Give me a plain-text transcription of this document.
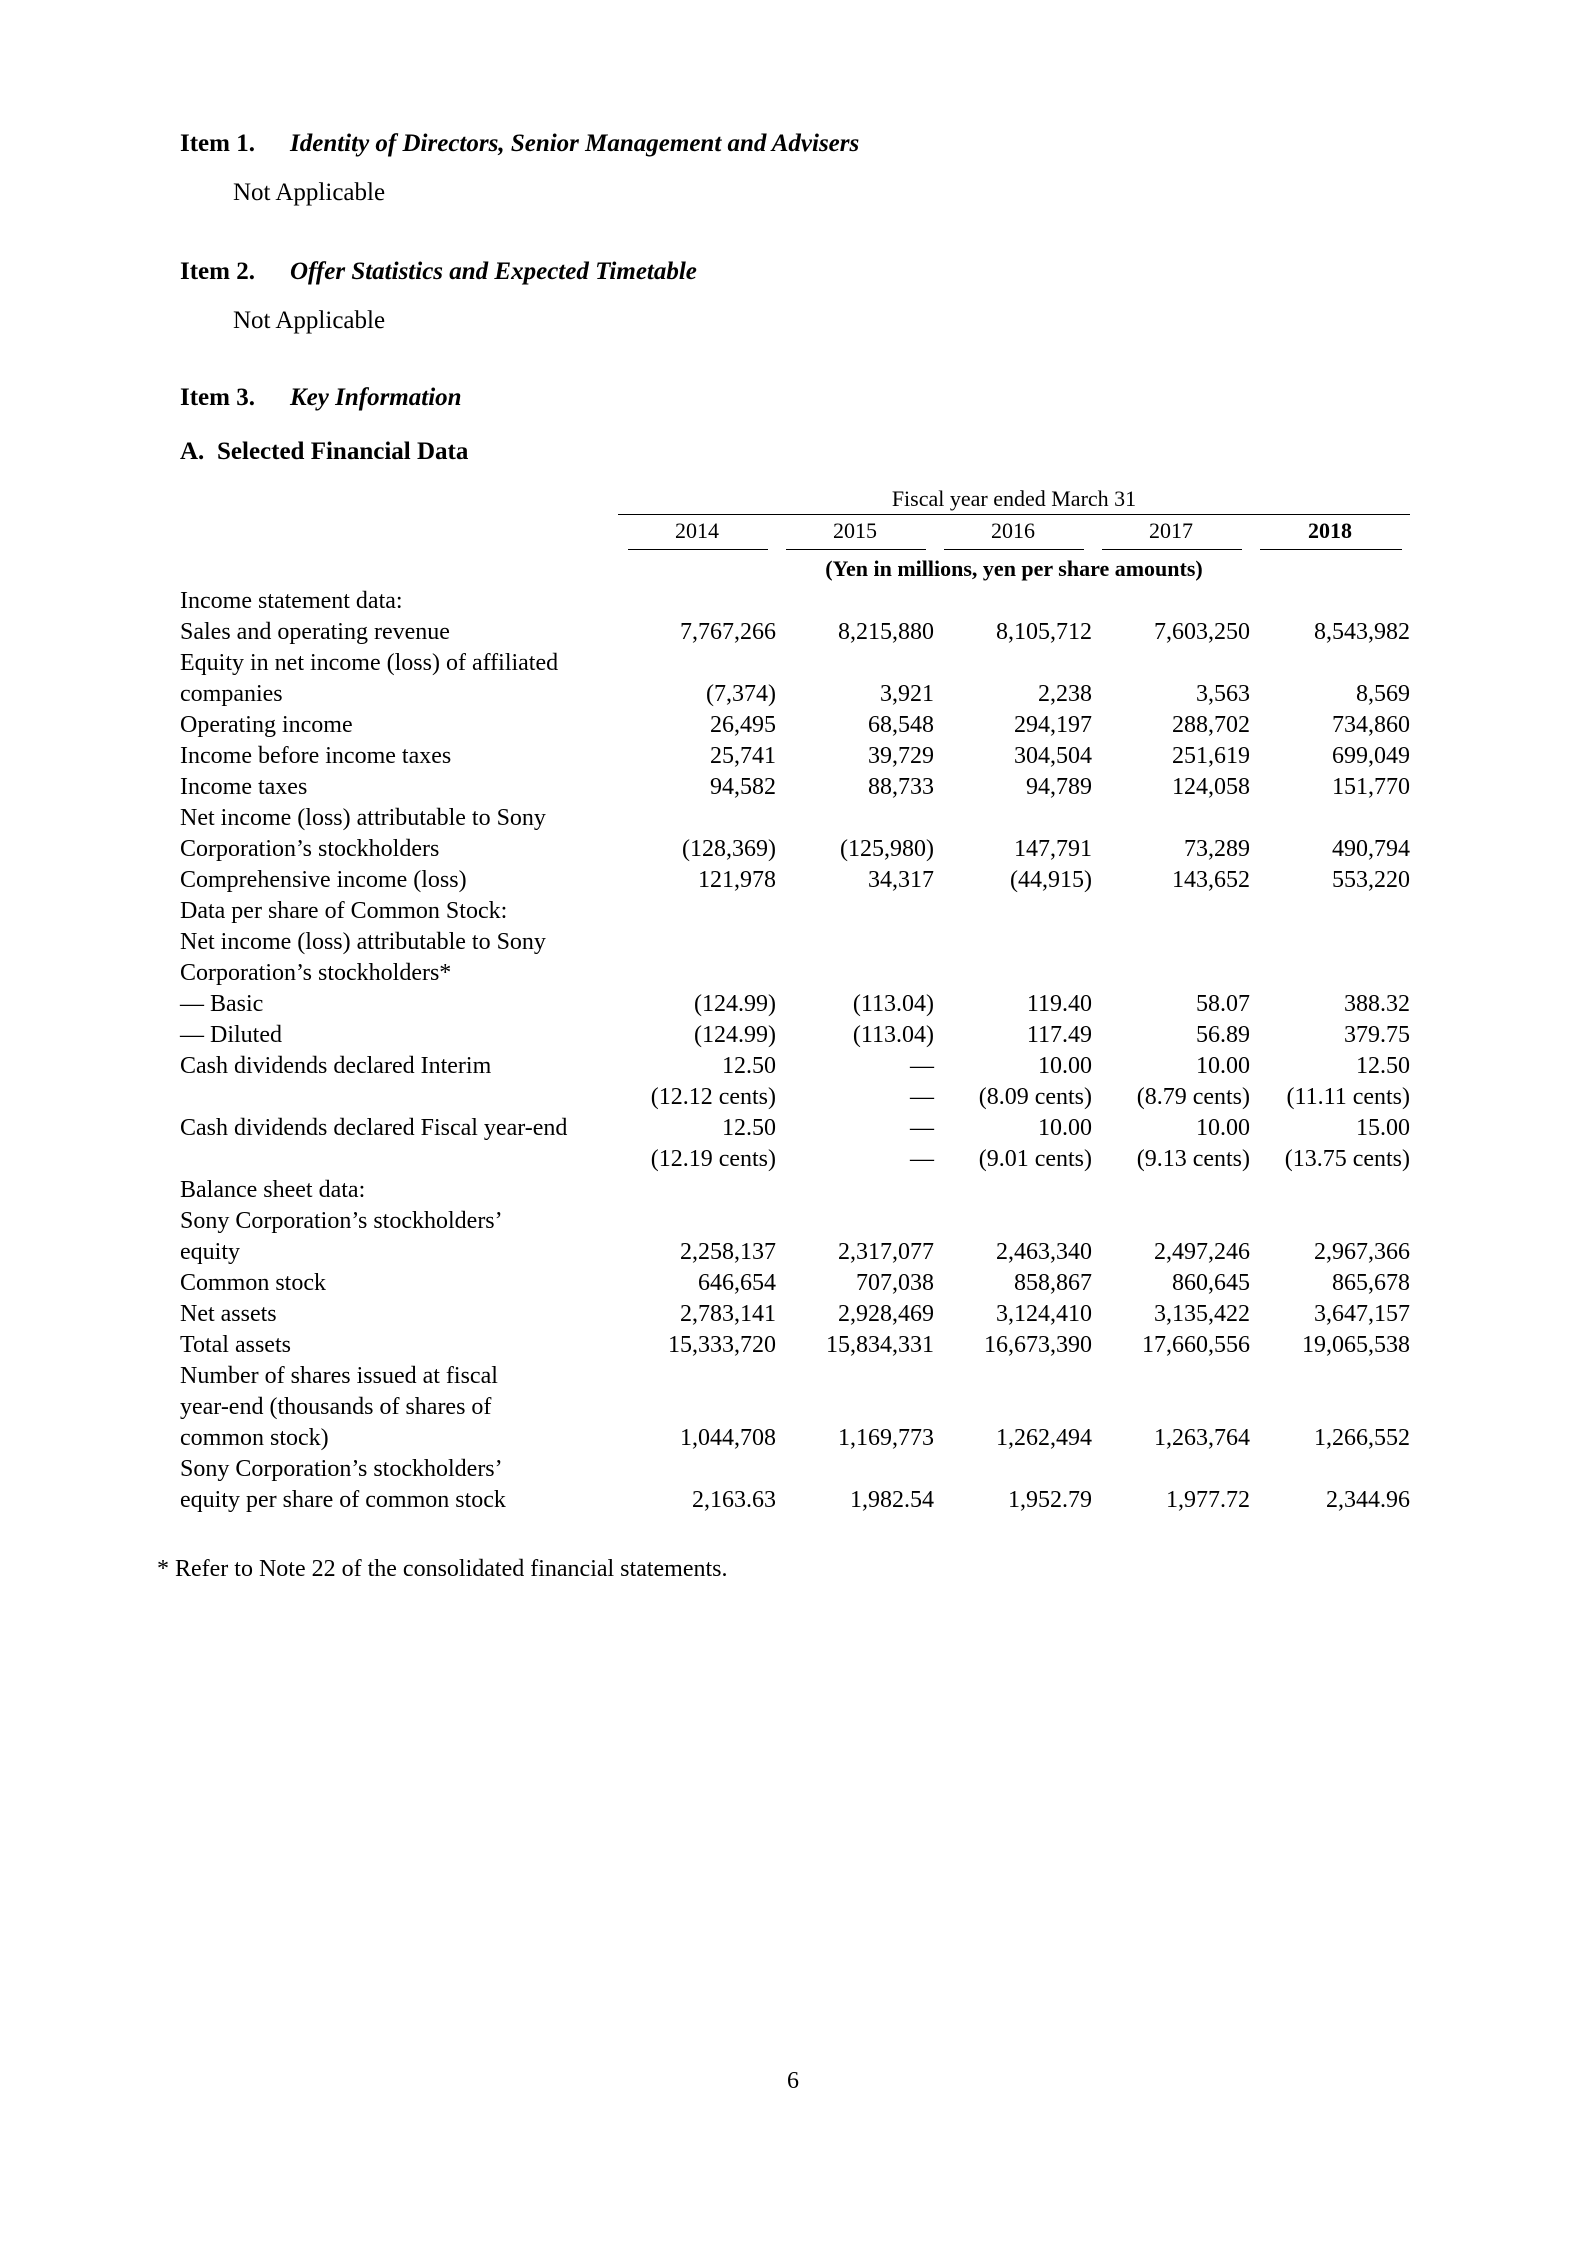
Item 1.	Identity of Directors, Senior Management and Advisers
Not Applicable
Item 2.	Offer Statistics and Expected Timetable
Not Applicable
Item 3.	Key Information
A. Selected Financial Data
	Fiscal year ended March 31				

	2014	2015	2016	2017	2018

	(Yen in millions, yen per share amounts)				
Income statement data:					
Sales and operating revenue	7,767,266	8,215,880	8,105,712	7,603,250	8,543,982
Equity in net income (loss) of affiliated					
companies	(7,374)	3,921	2,238	3,563	8,569
Operating income	26,495	68,548	294,197	288,702	734,860
Income before income taxes	25,741	39,729	304,504	251,619	699,049
Income taxes	94,582	88,733	94,789	124,058	151,770
Net income (loss) attributable to Sony					
Corporation’s stockholders	(128,369)	(125,980)	147,791	73,289	490,794
Comprehensive income (loss)	121,978	34,317	(44,915)	143,652	553,220
Data per share of Common Stock:					
Net income (loss) attributable to Sony					
Corporation’s stockholders*					
— Basic	(124.99)	(113.04)	119.40	58.07	388.32
— Diluted	(124.99)	(113.04)	117.49	56.89	379.75
Cash dividends declared Interim	12.50	—	10.00	10.00	12.50
	(12.12 cents)	—	(8.09 cents)	(8.79 cents)	(11.11 cents)
Cash dividends declared Fiscal year-end	12.50	—	10.00	10.00	15.00
	(12.19 cents)	—	(9.01 cents)	(9.13 cents)	(13.75 cents)
Balance sheet data:					
Sony Corporation’s stockholders’					
equity	2,258,137	2,317,077	2,463,340	2,497,246	2,967,366
Common stock	646,654	707,038	858,867	860,645	865,678
Net assets	2,783,141	2,928,469	3,124,410	3,135,422	3,647,157
Total assets	15,333,720	15,834,331	16,673,390	17,660,556	19,065,538
Number of shares issued at fiscal					
year-end (thousands of shares of					
common stock)	1,044,708	1,169,773	1,262,494	1,263,764	1,266,552
Sony Corporation’s stockholders’					
equity per share of common stock	2,163.63	1,982.54	1,952.79	1,977.72	2,344.96
* Refer to Note 22 of the consolidated financial statements.
6
